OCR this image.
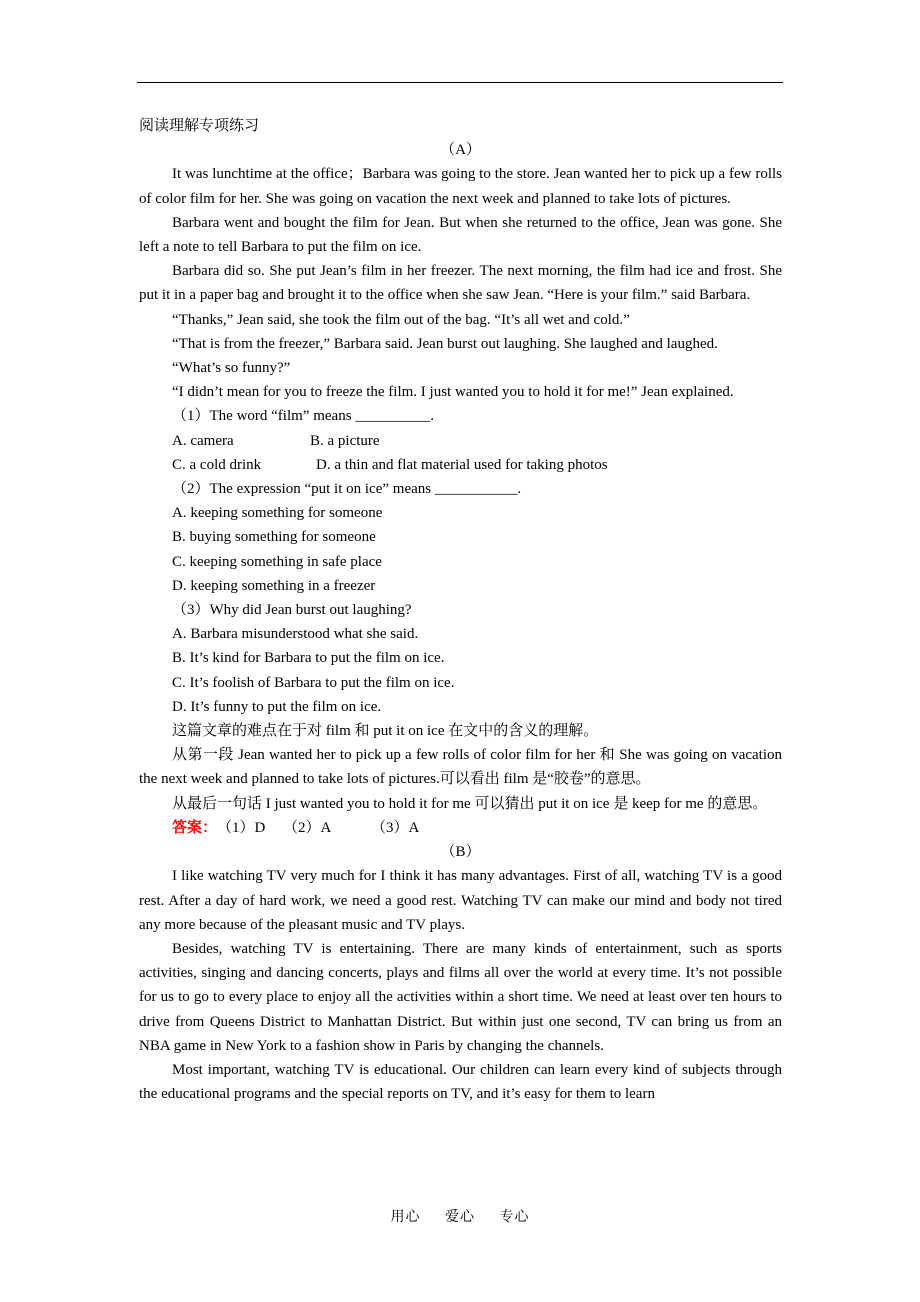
阅读理解专项练习

（A）

It was lunchtime at the office；Barbara was going to the store. Jean wanted her to pick up a few rolls of color film for her. She was going on vacation the next week and planned to take lots of pictures.

Barbara went and bought the film for Jean. But when she returned to the office, Jean was gone. She left a note to tell Barbara to put the film on ice.

Barbara did so. She put Jean’s film in her freezer. The next morning, the film had ice and frost. She put it in a paper bag and brought it to the office when she saw Jean. “Here is your film.” said Barbara.

“Thanks,” Jean said, she took the film out of the bag. “It’s all wet and cold.”

“That is from the freezer,” Barbara said. Jean burst out laughing. She laughed and laughed.

“What’s so funny?”

“I didn’t mean for you to freeze the film. I just wanted you to hold it for me!” Jean explained.

（1）The word “film” means __________.

A. camera	B. a picture

C. a cold drink	D. a thin and flat material used for taking photos

（2）The expression “put it on ice” means ___________.

A. keeping something for someone

B. buying something for someone

C. keeping something in safe place

D. keeping something in a freezer

（3）Why did Jean burst out laughing?

A. Barbara misunderstood what she said.

B. It’s kind for Barbara to put the film on ice.

C. It’s foolish of Barbara to put the film on ice.

D. It’s funny to put the film on ice.

这篇文章的难点在于对 film 和 put it on ice 在文中的含义的理解。

从第一段 Jean wanted her to pick up a few rolls of color film for her 和 She was going on vacation the next week and planned to take lots of pictures.可以看出 film 是“胶卷”的意思。

从最后一句话 I just wanted you to hold it for me 可以猜出 put it on ice 是 keep for me 的意思。

答案：（1）D （2）A	（3）A

（B）

I like watching TV very much for I think it has many advantages. First of all, watching TV is a good rest. After a day of hard work, we need a good rest. Watching TV can make our mind and body not tired any more because of the pleasant music and TV plays.

Besides, watching TV is entertaining. There are many kinds of entertainment, such as sports activities, singing and dancing concerts, plays and films all over the world at every time. It’s not possible for us to go to every place to enjoy all the activities within a short time. We need at least over ten hours to drive from Queens District to Manhattan District. But within just one second, TV can bring us from an NBA game in New York to a fashion show in Paris by changing the channels.

Most important, watching TV is educational. Our children can learn every kind of subjects through the educational programs and the special reports on TV, and it’s easy for them to learn

用心 爱心 专心
